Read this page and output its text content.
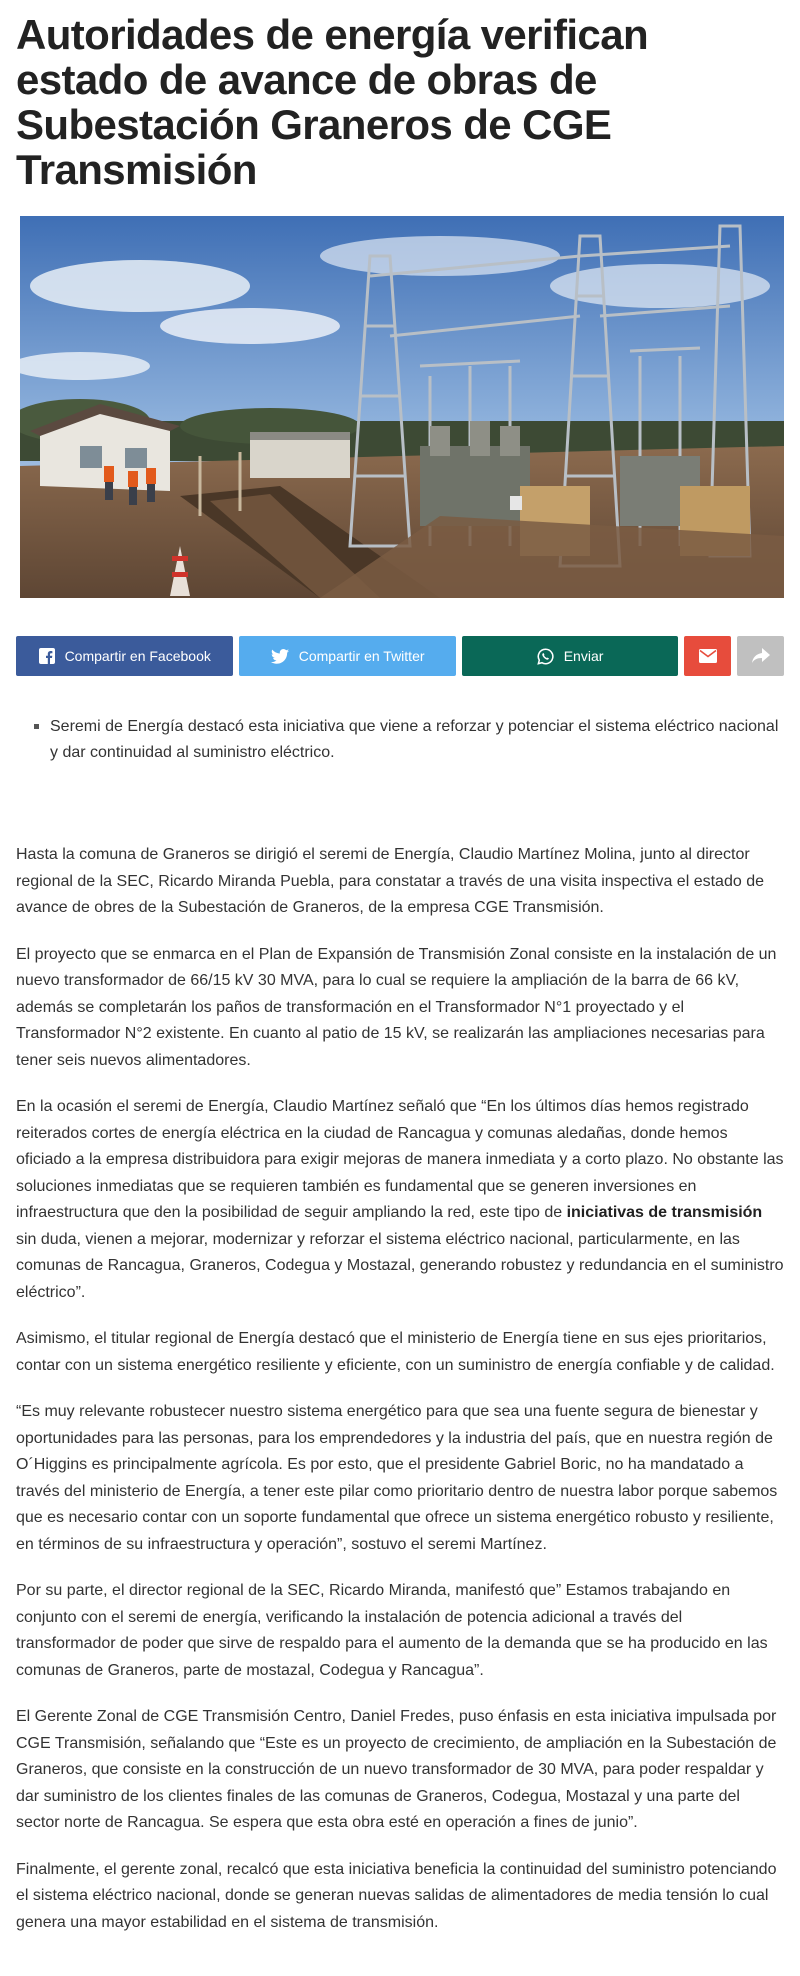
Autoridades de energía verifican estado de avance de obras de Subestación Graneros de CGE Transmisión
Compartir en Facebook	Compartir en Twitter	Enviar
Seremi de Energía destacó esta iniciativa que viene a reforzar y potenciar el sistema eléctrico nacional y dar continuidad al suministro eléctrico.

Hasta la comuna de Graneros se dirigió el seremi de Energía, Claudio Martínez Molina, junto al director regional de la SEC, Ricardo Miranda Puebla, para constatar a través de una visita inspectiva el estado de avance de obres de la Subestación de Graneros, de la empresa CGE Transmisión.

El proyecto que se enmarca en el Plan de Expansión de Transmisión Zonal consiste en la instalación de un nuevo transformador de 66/15 kV 30 MVA, para lo cual se requiere la ampliación de la barra de 66 kV, además se completarán los paños de transformación en el Transformador N°1 proyectado y el Transformador N°2 existente. En cuanto al patio de 15 kV, se realizarán las ampliaciones necesarias para tener seis nuevos alimentadores.

En la ocasión el seremi de Energía, Claudio Martínez señaló que “En los últimos días hemos registrado reiterados cortes de energía eléctrica en la ciudad de Rancagua y comunas aledañas, donde hemos oficiado a la empresa distribuidora para exigir mejoras de manera inmediata y a corto plazo. No obstante las soluciones inmediatas que se requieren también es fundamental que se generen inversiones en infraestructura que den la posibilidad de seguir ampliando la red, este tipo de iniciativas de transmisión sin duda, vienen a mejorar, modernizar y reforzar el sistema eléctrico nacional, particularmente, en las comunas de Rancagua, Graneros, Codegua y Mostazal, generando robustez y redundancia en el suministro eléctrico”.

Asimismo, el titular regional de Energía destacó que el ministerio de Energía tiene en sus ejes prioritarios, contar con un sistema energético resiliente y eficiente, con un suministro de energía confiable y de calidad.

“Es muy relevante robustecer nuestro sistema energético para que sea una fuente segura de bienestar y oportunidades para las personas, para los emprendedores y la industria del país, que en nuestra región de O´Higgins es principalmente agrícola. Es por esto, que el presidente Gabriel Boric, no ha mandatado a través del ministerio de Energía, a tener este pilar como prioritario dentro de nuestra labor porque sabemos que es necesario contar con un soporte fundamental que ofrece un sistema energético robusto y resiliente, en términos de su infraestructura y operación”, sostuvo el seremi Martínez.

Por su parte, el director regional de la SEC, Ricardo Miranda, manifestó que” Estamos trabajando en conjunto con el seremi de energía, verificando la instalación de potencia adicional a través del transformador de poder que sirve de respaldo para el aumento de la demanda que se ha producido en las comunas de Graneros, parte de mostazal, Codegua y Rancagua”.

El Gerente Zonal de CGE Transmisión Centro, Daniel Fredes, puso énfasis en esta iniciativa impulsada por CGE Transmisión, señalando que “Este es un proyecto de crecimiento, de ampliación en la Subestación de Graneros, que consiste en la construcción de un nuevo transformador de 30 MVA, para poder respaldar y dar suministro de los clientes finales de las comunas de Graneros, Codegua, Mostazal y una parte del sector norte de Rancagua. Se espera que esta obra esté en operación a fines de junio”.

Finalmente, el gerente zonal, recalcó que esta iniciativa beneficia la continuidad del suministro potenciando el sistema eléctrico nacional, donde se generan nuevas salidas de alimentadores de media tensión lo cual genera una mayor estabilidad en el sistema de transmisión.
